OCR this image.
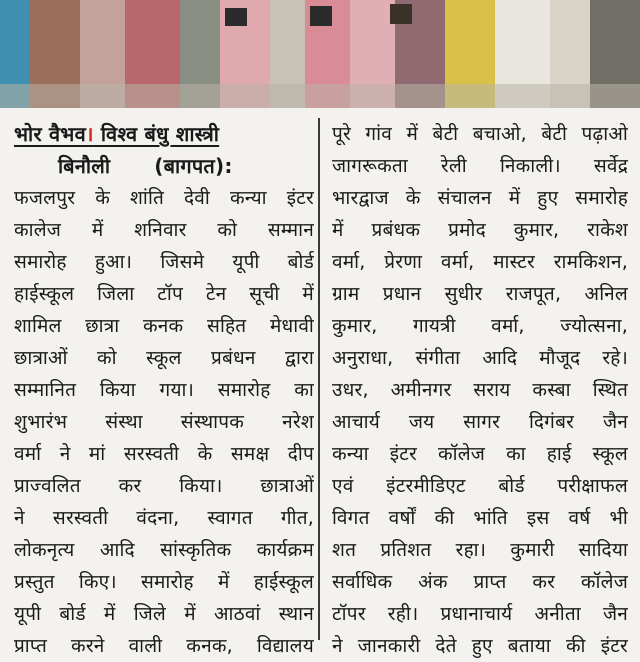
भोर वैभव। विश्व बंधु शास्त्री
बिनौली (बागपत):
फजलपुर के शांति देवी कन्या इंटर
कालेज में शनिवार को सम्मान
समारोह हुआ। जिसमे यूपी बोर्ड
हाईस्कूल जिला टॉप टेन सूची में
शामिल छात्रा कनक सहित मेधावी
छात्राओं को स्कूल प्रबंधन द्वारा
सम्मानित किया गया। समारोह का
शुभारंभ संस्था संस्थापक नरेश
वर्मा ने मां सरस्वती के समक्ष दीप
प्राज्वलित कर किया। छात्राओं
ने सरस्वती वंदना, स्वागत गीत,
लोकनृत्य आदि सांस्कृतिक कार्यक्रम
प्रस्तुत किए। समारोह में हाईस्कूल
यूपी बोर्ड में जिले में आठवां स्थान
प्राप्त करने वाली कनक, विद्यालय
पूरे गांव में बेटी बचाओ, बेटी पढ़ाओ
जागरूकता रेली निकाली। सर्वेद्र
भारद्वाज के संचालन में हुए समारोह
में प्रबंधक प्रमोद कुमार, राकेश
वर्मा, प्रेरणा वर्मा, मास्टर रामकिशन,
ग्राम प्रधान सुधीर राजपूत, अनिल
कुमार, गायत्री वर्मा, ज्योत्सना,
अनुराधा, संगीता आदि मौजूद रहे।
उधर, अमीनगर सराय कस्बा स्थित
आचार्य जय सागर दिगंबर जैन
कन्या इंटर कॉलेज का हाई स्कूल
एवं इंटरमीडिएट बोर्ड परीक्षाफल
विगत वर्षों की भांति इस वर्ष भी
शत प्रतिशत रहा। कुमारी सादिया
सर्वाधिक अंक प्राप्त कर कॉलेज
टॉपर रही। प्रधानाचार्य अनीता जैन
ने जानकारी देते हुए बताया की इंटर
